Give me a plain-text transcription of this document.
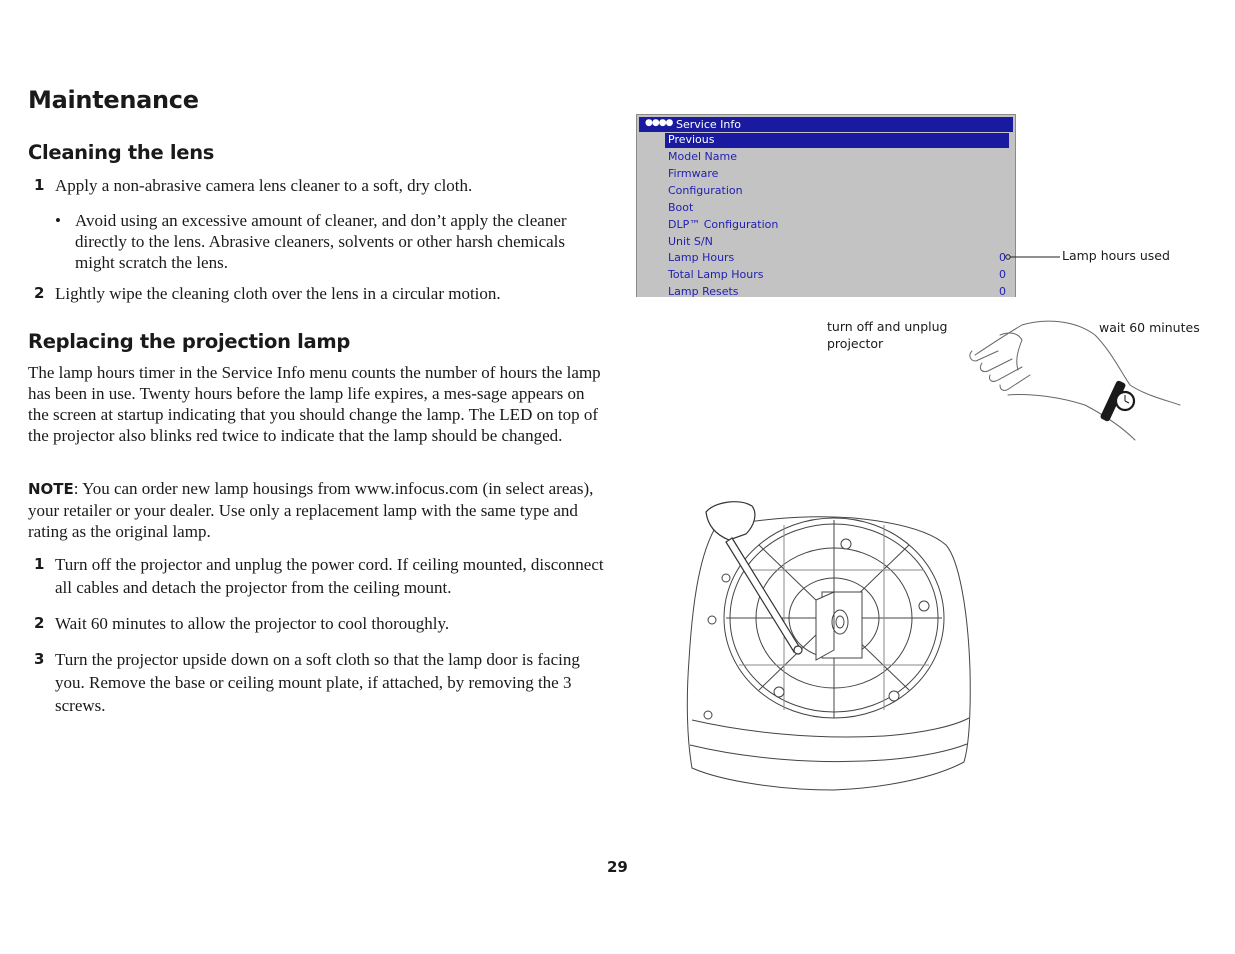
Maintenance
Cleaning the lens
1 Apply a non-abrasive camera lens cleaner to a soft, dry cloth.
• Avoid using an excessive amount of cleaner, and don’t apply the cleaner directly to the lens. Abrasive cleaners, solvents or other harsh chemicals might scratch the lens.
2 Lightly wipe the cleaning cloth over the lens in a circular motion.
Replacing the projection lamp
The lamp hours timer in the Service Info menu counts the number of hours the lamp has been in use. Twenty hours before the lamp life expires, a mes-sage appears on the screen at startup indicating that you should change the lamp. The LED on top of the projector also blinks red twice to indicate that the lamp should be changed.
NOTE: You can order new lamp housings from www.infocus.com (in select areas), your retailer or your dealer. Use only a replacement lamp with the same type and rating as the original lamp.
1 Turn off the projector and unplug the power cord. If ceiling mounted, disconnect all cables and detach the projector from the ceiling mount.
2 Wait 60 minutes to allow the projector to cool thoroughly.
3 Turn the projector upside down on a soft cloth so that the lamp door is facing you. Remove the base or ceiling mount plate, if attached, by removing the 3 screws.
●●●● Service Info
Previous
Model Name
Firmware
Configuration
Boot
DLP™ Configuration
Unit S/N
Lamp Hours	0
Total Lamp Hours	0
Lamp Resets	0
Lamp hours used
turn off and unplug
projector
wait 60 minutes
29
